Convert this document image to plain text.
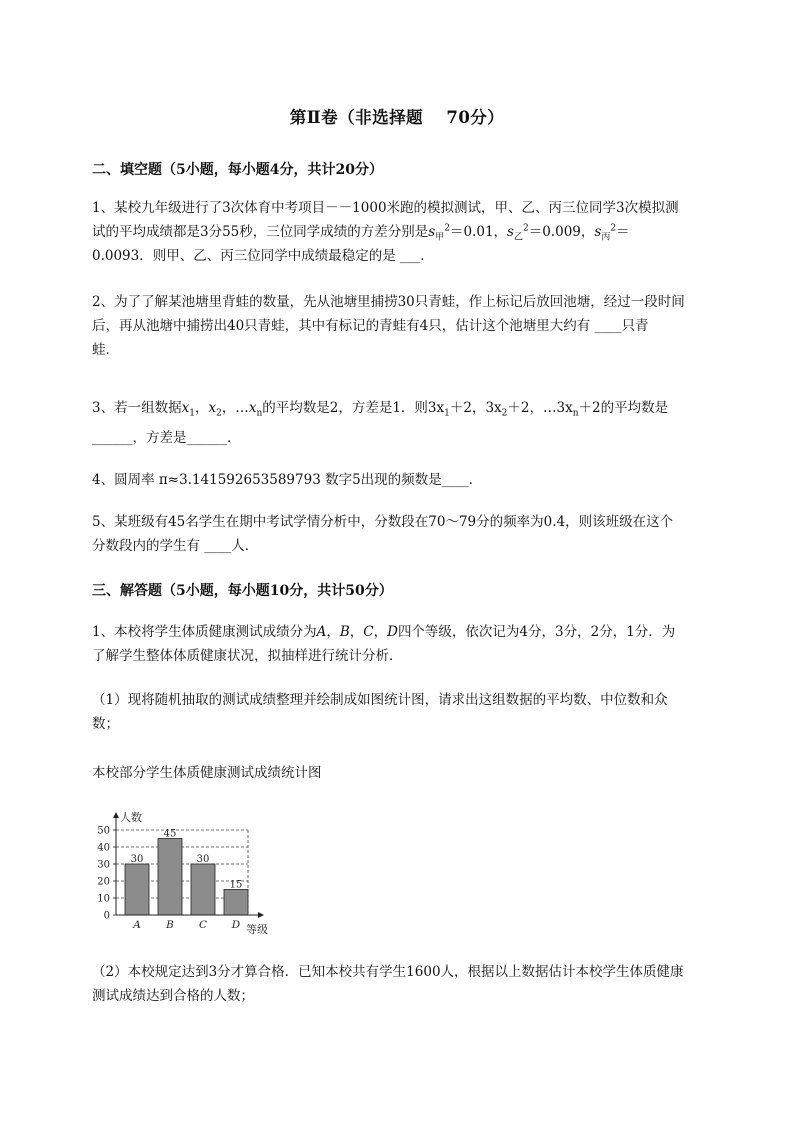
第Ⅱ卷（非选择题　 70分）
二、填空题（5小题，每小题4分，共计20分）
1、某校九年级进行了3次体育中考项目－－1000米跑的模拟测试，甲、乙、丙三位同学3次模拟测
试的平均成绩都是3分55秒，三位同学成绩的方差分别是$s_甲^2=0.01$，$s_乙^2=0.009$，$s_丙^2=$
0.0093．则甲、乙、丙三位同学中成绩最稳定的是 ___．
2、为了了解某池塘里背蛙的数量，先从池塘里捕捞30只青蛙，作上标记后放回池塘，经过一段时间
后，再从池塘中捕捞出40只青蛙，其中有标记的青蛙有4只，估计这个池塘里大约有 ____只青
蛙．
3、若一组数据$x_1$，$x_2$，$\dots x_n$的平均数是2，方差是1．则$3x_1+2$，$3x_2+2$，$\dots 3x_n+2$的平均数是
______，方差是______．
4、圆周率 π≈3.141592653589793 数字5出现的频数是____．
5、某班级有45名学生在期中考试学情分析中，分数段在70～79分的频率为0.4，则该班级在这个
分数段内的学生有 ____人．
三、解答题（5小题，每小题10分，共计50分）
1、本校将学生体质健康测试成绩分为A，B，C，D四个等级，依次记为4分，3分，2分，1分．为
了解学生整体体质健康状况，拟抽样进行统计分析．
（1）现将随机抽取的测试成绩整理并绘制成如图统计图，请求出这组数据的平均数、中位数和众
数；
本校部分学生体质健康测试成绩统计图
0
10
20
30
40
50
30
A
45
B
30
C
15
D
人数
等级
（2）本校规定达到3分才算合格．已知本校共有学生1600人，根据以上数据估计本校学生体质健康
测试成绩达到合格的人数；
